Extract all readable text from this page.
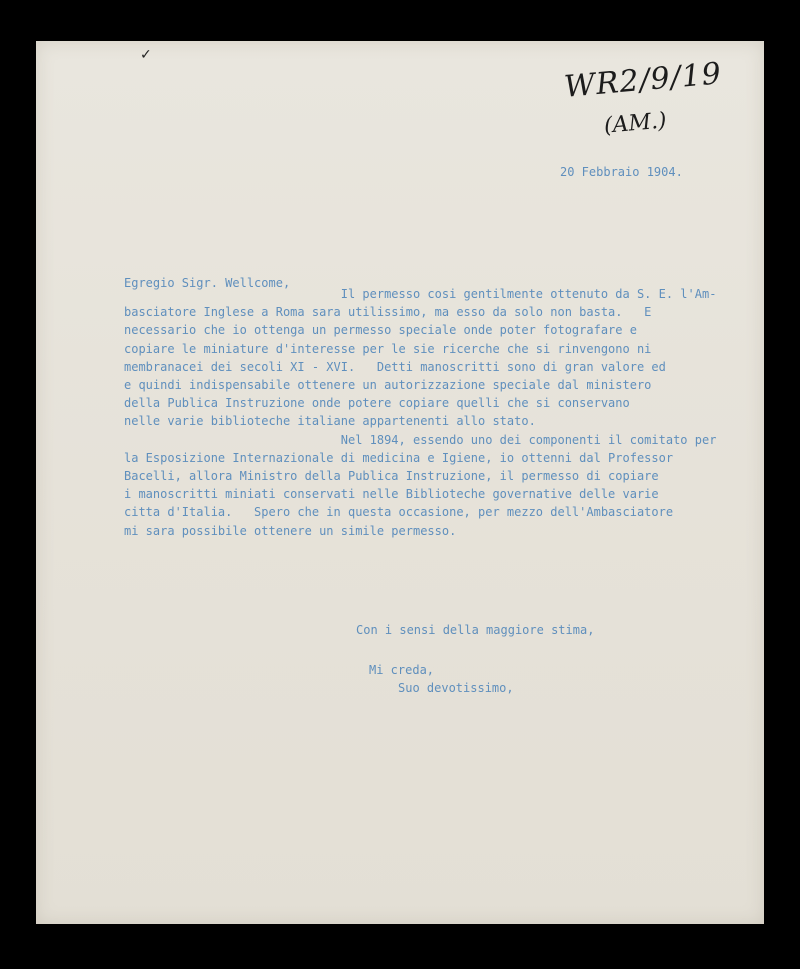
✓
WR2/9/19
(AM.)
20 Febbraio 1904.
Egregio Sigr. Wellcome,
Il permesso cosi gentilmente ottenuto da S. E. l'Am-
basciatore Inglese a Roma sara utilissimo, ma esso da solo non basta.   E
necessario che io ottenga un permesso speciale onde poter fotografare e
copiare le miniature d'interesse per le sie ricerche che si rinvengono ni
membranacei dei secoli XI - XVI.   Detti manoscritti sono di gran valore ed
e quindi indispensabile ottenere un autorizzazione speciale dal ministero
della Publica Instruzione onde potere copiare quelli che si conservano
nelle varie biblioteche italiane appartenenti allo stato.
Nel 1894, essendo uno dei componenti il comitato per
la Esposizione Internazionale di medicina e Igiene, io ottenni dal Professor
Bacelli, allora Ministro della Publica Instruzione, il permesso di copiare
i manoscritti miniati conservati nelle Biblioteche governative delle varie
citta d'Italia.   Spero che in questa occasione, per mezzo dell'Ambasciatore
mi sara possibile ottenere un simile permesso.
Con i sensi della maggiore stima,
Mi creda,
Suo devotissimo,
